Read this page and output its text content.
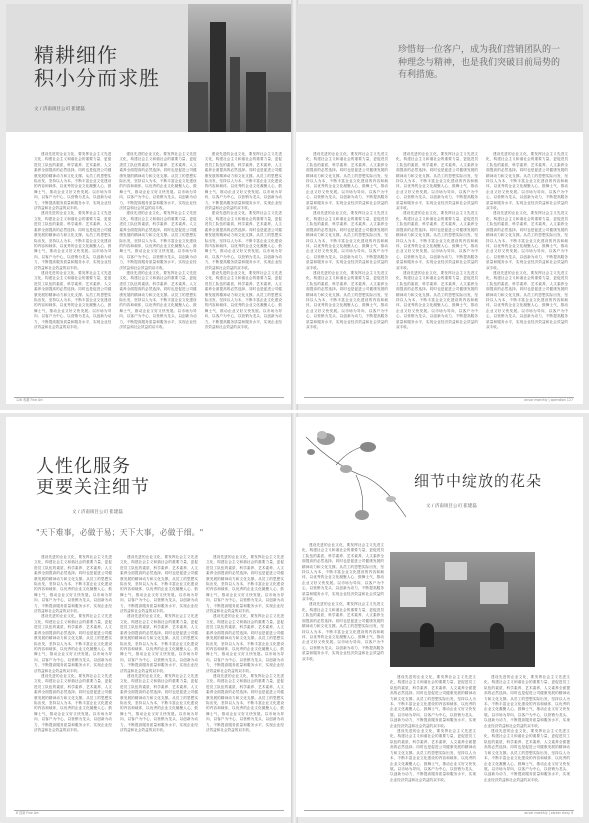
精耕细作
积小分而求胜
文 / 济南项目公司 崔建磊

建设先进的企业文化，要发挥社会主义先进文化，构建社会主义和谐社会的重要力量，更促进员工队伍的素质，科学素养、艺术素养，人文素养全面提高的必然选择。同时也是促进公司健康发展的精神动力和文化支撑。从员工的思想实际出发，坚持以人为本，不断丰富企业文化建设的内容和载体，以优秀的企业文化凝聚人心、鼓舞士气，推动企业又好又快发展。以市场为导向，以客户为中心，以营销为龙头，以创新为动力，不断提高服务质量和服务水平，实现企业经济效益和社会效益的双丰收。

建设先进的企业文化，要发挥社会主义先进文化，构建社会主义和谐社会的重要力量，更促进员工队伍的素质，科学素养、艺术素养，人文素养全面提高的必然选择。同时也是促进公司健康发展的精神动力和文化支撑。从员工的思想实际出发，坚持以人为本，不断丰富企业文化建设的内容和载体，以优秀的企业文化凝聚人心、鼓舞士气，推动企业又好又快发展。以市场为导向，以客户为中心，以营销为龙头，以创新为动力，不断提高服务质量和服务水平，实现企业经济效益和社会效益的双丰收。

建设先进的企业文化，要发挥社会主义先进文化，构建社会主义和谐社会的重要力量，更促进员工队伍的素质，科学素养、艺术素养，人文素养全面提高的必然选择。同时也是促进公司健康发展的精神动力和文化支撑。从员工的思想实际出发，坚持以人为本，不断丰富企业文化建设的内容和载体，以优秀的企业文化凝聚人心、鼓舞士气，推动企业又好又快发展。以市场为导向，以客户为中心，以营销为龙头，以创新为动力，不断提高服务质量和服务水平，实现企业经济效益和社会效益的双丰收。

建设先进的企业文化，要发挥社会主义先进文化，构建社会主义和谐社会的重要力量，更促进员工队伍的素质，科学素养、艺术素养，人文素养全面提高的必然选择。同时也是促进公司健康发展的精神动力和文化支撑。从员工的思想实际出发，坚持以人为本，不断丰富企业文化建设的内容和载体，以优秀的企业文化凝聚人心、鼓舞士气，推动企业又好又快发展。以市场为导向，以客户为中心，以营销为龙头，以创新为动力，不断提高服务质量和服务水平，实现企业经济效益和社会效益的双丰收。

建设先进的企业文化，要发挥社会主义先进文化，构建社会主义和谐社会的重要力量，更促进员工队伍的素质，科学素养、艺术素养，人文素养全面提高的必然选择。同时也是促进公司健康发展的精神动力和文化支撑。从员工的思想实际出发，坚持以人为本，不断丰富企业文化建设的内容和载体，以优秀的企业文化凝聚人心、鼓舞士气，推动企业又好又快发展。以市场为导向，以客户为中心，以营销为龙头，以创新为动力，不断提高服务质量和服务水平，实现企业经济效益和社会效益的双丰收。

建设先进的企业文化，要发挥社会主义先进文化，构建社会主义和谐社会的重要力量，更促进员工队伍的素质，科学素养、艺术素养，人文素养全面提高的必然选择。同时也是促进公司健康发展的精神动力和文化支撑。从员工的思想实际出发，坚持以人为本，不断丰富企业文化建设的内容和载体，以优秀的企业文化凝聚人心、鼓舞士气，推动企业又好又快发展。以市场为导向，以客户为中心，以营销为龙头，以创新为动力，不断提高服务质量和服务水平，实现企业经济效益和社会效益的双丰收。

建设先进的企业文化，要发挥社会主义先进文化，构建社会主义和谐社会的重要力量，更促进员工队伍的素质，科学素养、艺术素养，人文素养全面提高的必然选择。同时也是促进公司健康发展的精神动力和文化支撑。从员工的思想实际出发，坚持以人为本，不断丰富企业文化建设的内容和载体，以优秀的企业文化凝聚人心、鼓舞士气，推动企业又好又快发展。以市场为导向，以客户为中心，以营销为龙头，以创新为动力，不断提高服务质量和服务水平，实现企业经济效益和社会效益的双丰收。

建设先进的企业文化，要发挥社会主义先进文化，构建社会主义和谐社会的重要力量，更促进员工队伍的素质，科学素养、艺术素养，人文素养全面提高的必然选择。同时也是促进公司健康发展的精神动力和文化支撑。从员工的思想实际出发，坚持以人为本，不断丰富企业文化建设的内容和载体，以优秀的企业文化凝聚人心、鼓舞士气，推动企业又好又快发展。以市场为导向，以客户为中心，以营销为龙头，以创新为动力，不断提高服务质量和服务水平，实现企业经济效益和社会效益的双丰收。

建设先进的企业文化，要发挥社会主义先进文化，构建社会主义和谐社会的重要力量，更促进员工队伍的素质，科学素养、艺术素养，人文素养全面提高的必然选择。同时也是促进公司健康发展的精神动力和文化支撑。从员工的思想实际出发，坚持以人为本，不断丰富企业文化建设的内容和载体，以优秀的企业文化凝聚人心、鼓舞士气，推动企业又好又快发展。以市场为导向，以客户为中心，以营销为龙头，以创新为动力，不断提高服务质量和服务水平，实现企业经济效益和社会效益的双丰收。

126 收藏 Fine Art
珍惜每一位客户，成为我们营销团队的一种理念与精神，也是我们突破目前局势的有利措施。

建设先进的企业文化，要发挥社会主义先进文化，构建社会主义和谐社会的重要力量，更促进员工队伍的素质，科学素养、艺术素养，人文素养全面提高的必然选择。同时也是促进公司健康发展的精神动力和文化支撑。从员工的思想实际出发，坚持以人为本，不断丰富企业文化建设的内容和载体，以优秀的企业文化凝聚人心、鼓舞士气，推动企业又好又快发展。以市场为导向，以客户为中心，以营销为龙头，以创新为动力，不断提高服务质量和服务水平，实现企业经济效益和社会效益的双丰收。

建设先进的企业文化，要发挥社会主义先进文化，构建社会主义和谐社会的重要力量，更促进员工队伍的素质，科学素养、艺术素养，人文素养全面提高的必然选择。同时也是促进公司健康发展的精神动力和文化支撑。从员工的思想实际出发，坚持以人为本，不断丰富企业文化建设的内容和载体，以优秀的企业文化凝聚人心、鼓舞士气，推动企业又好又快发展。以市场为导向，以客户为中心，以营销为龙头，以创新为动力，不断提高服务质量和服务水平，实现企业经济效益和社会效益的双丰收。

建设先进的企业文化，要发挥社会主义先进文化，构建社会主义和谐社会的重要力量，更促进员工队伍的素质，科学素养、艺术素养，人文素养全面提高的必然选择。同时也是促进公司健康发展的精神动力和文化支撑。从员工的思想实际出发，坚持以人为本，不断丰富企业文化建设的内容和载体，以优秀的企业文化凝聚人心、鼓舞士气，推动企业又好又快发展。以市场为导向，以客户为中心，以营销为龙头，以创新为动力，不断提高服务质量和服务水平，实现企业经济效益和社会效益的双丰收。

建设先进的企业文化，要发挥社会主义先进文化，构建社会主义和谐社会的重要力量，更促进员工队伍的素质，科学素养、艺术素养，人文素养全面提高的必然选择。同时也是促进公司健康发展的精神动力和文化支撑。从员工的思想实际出发，坚持以人为本，不断丰富企业文化建设的内容和载体，以优秀的企业文化凝聚人心、鼓舞士气，推动企业又好又快发展。以市场为导向，以客户为中心，以营销为龙头，以创新为动力，不断提高服务质量和服务水平，实现企业经济效益和社会效益的双丰收。

建设先进的企业文化，要发挥社会主义先进文化，构建社会主义和谐社会的重要力量，更促进员工队伍的素质，科学素养、艺术素养，人文素养全面提高的必然选择。同时也是促进公司健康发展的精神动力和文化支撑。从员工的思想实际出发，坚持以人为本，不断丰富企业文化建设的内容和载体，以优秀的企业文化凝聚人心、鼓舞士气，推动企业又好又快发展。以市场为导向，以客户为中心，以营销为龙头，以创新为动力，不断提高服务质量和服务水平，实现企业经济效益和社会效益的双丰收。

建设先进的企业文化，要发挥社会主义先进文化，构建社会主义和谐社会的重要力量，更促进员工队伍的素质，科学素养、艺术素养，人文素养全面提高的必然选择。同时也是促进公司健康发展的精神动力和文化支撑。从员工的思想实际出发，坚持以人为本，不断丰富企业文化建设的内容和载体，以优秀的企业文化凝聚人心、鼓舞士气，推动企业又好又快发展。以市场为导向，以客户为中心，以营销为龙头，以创新为动力，不断提高服务质量和服务水平，实现企业经济效益和社会效益的双丰收。

建设先进的企业文化，要发挥社会主义先进文化，构建社会主义和谐社会的重要力量，更促进员工队伍的素质，科学素养、艺术素养，人文素养全面提高的必然选择。同时也是促进公司健康发展的精神动力和文化支撑。从员工的思想实际出发，坚持以人为本，不断丰富企业文化建设的内容和载体，以优秀的企业文化凝聚人心、鼓舞士气，推动企业又好又快发展。以市场为导向，以客户为中心，以营销为龙头，以创新为动力，不断提高服务质量和服务水平，实现企业经济效益和社会效益的双丰收。

建设先进的企业文化，要发挥社会主义先进文化，构建社会主义和谐社会的重要力量，更促进员工队伍的素质，科学素养、艺术素养，人文素养全面提高的必然选择。同时也是促进公司健康发展的精神动力和文化支撑。从员工的思想实际出发，坚持以人为本，不断丰富企业文化建设的内容和载体，以优秀的企业文化凝聚人心、鼓舞士气，推动企业又好又快发展。以市场为导向，以客户为中心，以营销为龙头，以创新为动力，不断提高服务质量和服务水平，实现企业经济效益和社会效益的双丰收。

建设先进的企业文化，要发挥社会主义先进文化，构建社会主义和谐社会的重要力量，更促进员工队伍的素质，科学素养、艺术素养，人文素养全面提高的必然选择。同时也是促进公司健康发展的精神动力和文化支撑。从员工的思想实际出发，坚持以人为本，不断丰富企业文化建设的内容和载体，以优秀的企业文化凝聚人心、鼓舞士气，推动企业又好又快发展。以市场为导向，以客户为中心，以营销为龙头，以创新为动力，不断提高服务质量和服务水平，实现企业经济效益和社会效益的双丰收。

anvar monthly | operation 127
人性化服务
更要关注细节
文 / 济南项目公司 崔建磊
"天下难事，必做于易；天下大事，必做于细。"

建设先进的企业文化，要发挥社会主义先进文化，构建社会主义和谐社会的重要力量，更促进员工队伍的素质，科学素养、艺术素养，人文素养全面提高的必然选择。同时也是促进公司健康发展的精神动力和文化支撑。从员工的思想实际出发，坚持以人为本，不断丰富企业文化建设的内容和载体，以优秀的企业文化凝聚人心、鼓舞士气，推动企业又好又快发展。以市场为导向，以客户为中心，以营销为龙头，以创新为动力，不断提高服务质量和服务水平，实现企业经济效益和社会效益的双丰收。

建设先进的企业文化，要发挥社会主义先进文化，构建社会主义和谐社会的重要力量，更促进员工队伍的素质，科学素养、艺术素养，人文素养全面提高的必然选择。同时也是促进公司健康发展的精神动力和文化支撑。从员工的思想实际出发，坚持以人为本，不断丰富企业文化建设的内容和载体，以优秀的企业文化凝聚人心、鼓舞士气，推动企业又好又快发展。以市场为导向，以客户为中心，以营销为龙头，以创新为动力，不断提高服务质量和服务水平，实现企业经济效益和社会效益的双丰收。

建设先进的企业文化，要发挥社会主义先进文化，构建社会主义和谐社会的重要力量，更促进员工队伍的素质，科学素养、艺术素养，人文素养全面提高的必然选择。同时也是促进公司健康发展的精神动力和文化支撑。从员工的思想实际出发，坚持以人为本，不断丰富企业文化建设的内容和载体，以优秀的企业文化凝聚人心、鼓舞士气，推动企业又好又快发展。以市场为导向，以客户为中心，以营销为龙头，以创新为动力，不断提高服务质量和服务水平，实现企业经济效益和社会效益的双丰收。

建设先进的企业文化，要发挥社会主义先进文化，构建社会主义和谐社会的重要力量，更促进员工队伍的素质，科学素养、艺术素养，人文素养全面提高的必然选择。同时也是促进公司健康发展的精神动力和文化支撑。从员工的思想实际出发，坚持以人为本，不断丰富企业文化建设的内容和载体，以优秀的企业文化凝聚人心、鼓舞士气，推动企业又好又快发展。以市场为导向，以客户为中心，以营销为龙头，以创新为动力，不断提高服务质量和服务水平，实现企业经济效益和社会效益的双丰收。

建设先进的企业文化，要发挥社会主义先进文化，构建社会主义和谐社会的重要力量，更促进员工队伍的素质，科学素养、艺术素养，人文素养全面提高的必然选择。同时也是促进公司健康发展的精神动力和文化支撑。从员工的思想实际出发，坚持以人为本，不断丰富企业文化建设的内容和载体，以优秀的企业文化凝聚人心、鼓舞士气，推动企业又好又快发展。以市场为导向，以客户为中心，以营销为龙头，以创新为动力，不断提高服务质量和服务水平，实现企业经济效益和社会效益的双丰收。

建设先进的企业文化，要发挥社会主义先进文化，构建社会主义和谐社会的重要力量，更促进员工队伍的素质，科学素养、艺术素养，人文素养全面提高的必然选择。同时也是促进公司健康发展的精神动力和文化支撑。从员工的思想实际出发，坚持以人为本，不断丰富企业文化建设的内容和载体，以优秀的企业文化凝聚人心、鼓舞士气，推动企业又好又快发展。以市场为导向，以客户为中心，以营销为龙头，以创新为动力，不断提高服务质量和服务水平，实现企业经济效益和社会效益的双丰收。

建设先进的企业文化，要发挥社会主义先进文化，构建社会主义和谐社会的重要力量，更促进员工队伍的素质，科学素养、艺术素养，人文素养全面提高的必然选择。同时也是促进公司健康发展的精神动力和文化支撑。从员工的思想实际出发，坚持以人为本，不断丰富企业文化建设的内容和载体，以优秀的企业文化凝聚人心、鼓舞士气，推动企业又好又快发展。以市场为导向，以客户为中心，以营销为龙头，以创新为动力，不断提高服务质量和服务水平，实现企业经济效益和社会效益的双丰收。

建设先进的企业文化，要发挥社会主义先进文化，构建社会主义和谐社会的重要力量，更促进员工队伍的素质，科学素养、艺术素养，人文素养全面提高的必然选择。同时也是促进公司健康发展的精神动力和文化支撑。从员工的思想实际出发，坚持以人为本，不断丰富企业文化建设的内容和载体，以优秀的企业文化凝聚人心、鼓舞士气，推动企业又好又快发展。以市场为导向，以客户为中心，以营销为龙头，以创新为动力，不断提高服务质量和服务水平，实现企业经济效益和社会效益的双丰收。

建设先进的企业文化，要发挥社会主义先进文化，构建社会主义和谐社会的重要力量，更促进员工队伍的素质，科学素养、艺术素养，人文素养全面提高的必然选择。同时也是促进公司健康发展的精神动力和文化支撑。从员工的思想实际出发，坚持以人为本，不断丰富企业文化建设的内容和载体，以优秀的企业文化凝聚人心、鼓舞士气，推动企业又好又快发展。以市场为导向，以客户为中心，以营销为龙头，以创新为动力，不断提高服务质量和服务水平，实现企业经济效益和社会效益的双丰收。

8 创新 Fine Art
细节中绽放的花朵
文 / 济南项目公司 崔建磊

建设先进的企业文化，要发挥社会主义先进文化，构建社会主义和谐社会的重要力量，更促进员工队伍的素质，科学素养、艺术素养，人文素养全面提高的必然选择。同时也是促进公司健康发展的精神动力和文化支撑。从员工的思想实际出发，坚持以人为本，不断丰富企业文化建设的内容和载体，以优秀的企业文化凝聚人心、鼓舞士气，推动企业又好又快发展。以市场为导向，以客户为中心，以营销为龙头，以创新为动力，不断提高服务质量和服务水平，实现企业经济效益和社会效益的双丰收。

建设先进的企业文化，要发挥社会主义先进文化，构建社会主义和谐社会的重要力量，更促进员工队伍的素质，科学素养、艺术素养，人文素养全面提高的必然选择。同时也是促进公司健康发展的精神动力和文化支撑。从员工的思想实际出发，坚持以人为本，不断丰富企业文化建设的内容和载体，以优秀的企业文化凝聚人心、鼓舞士气，推动企业又好又快发展。以市场为导向，以客户为中心，以营销为龙头，以创新为动力，不断提高服务质量和服务水平，实现企业经济效益和社会效益的双丰收。

建设先进的企业文化，要发挥社会主义先进文化，构建社会主义和谐社会的重要力量，更促进员工队伍的素质，科学素养、艺术素养，人文素养全面提高的必然选择。同时也是促进公司健康发展的精神动力和文化支撑。从员工的思想实际出发，坚持以人为本，不断丰富企业文化建设的内容和载体，以优秀的企业文化凝聚人心、鼓舞士气，推动企业又好又快发展。以市场为导向，以客户为中心，以营销为龙头，以创新为动力，不断提高服务质量和服务水平，实现企业经济效益和社会效益的双丰收。

建设先进的企业文化，要发挥社会主义先进文化，构建社会主义和谐社会的重要力量，更促进员工队伍的素质，科学素养、艺术素养，人文素养全面提高的必然选择。同时也是促进公司健康发展的精神动力和文化支撑。从员工的思想实际出发，坚持以人为本，不断丰富企业文化建设的内容和载体，以优秀的企业文化凝聚人心、鼓舞士气，推动企业又好又快发展。以市场为导向，以客户为中心，以营销为龙头，以创新为动力，不断提高服务质量和服务水平，实现企业经济效益和社会效益的双丰收。

建设先进的企业文化，要发挥社会主义先进文化，构建社会主义和谐社会的重要力量，更促进员工队伍的素质，科学素养、艺术素养，人文素养全面提高的必然选择。同时也是促进公司健康发展的精神动力和文化支撑。从员工的思想实际出发，坚持以人为本，不断丰富企业文化建设的内容和载体，以优秀的企业文化凝聚人心、鼓舞士气，推动企业又好又快发展。以市场为导向，以客户为中心，以营销为龙头，以创新为动力，不断提高服务质量和服务水平，实现企业经济效益和社会效益的双丰收。

建设先进的企业文化，要发挥社会主义先进文化，构建社会主义和谐社会的重要力量，更促进员工队伍的素质，科学素养、艺术素养，人文素养全面提高的必然选择。同时也是促进公司健康发展的精神动力和文化支撑。从员工的思想实际出发，坚持以人为本，不断丰富企业文化建设的内容和载体，以优秀的企业文化凝聚人心、鼓舞士气，推动企业又好又快发展。以市场为导向，以客户为中心，以营销为龙头，以创新为动力，不断提高服务质量和服务水平，实现企业经济效益和社会效益的双丰收。

anvar monthly | career story 9
